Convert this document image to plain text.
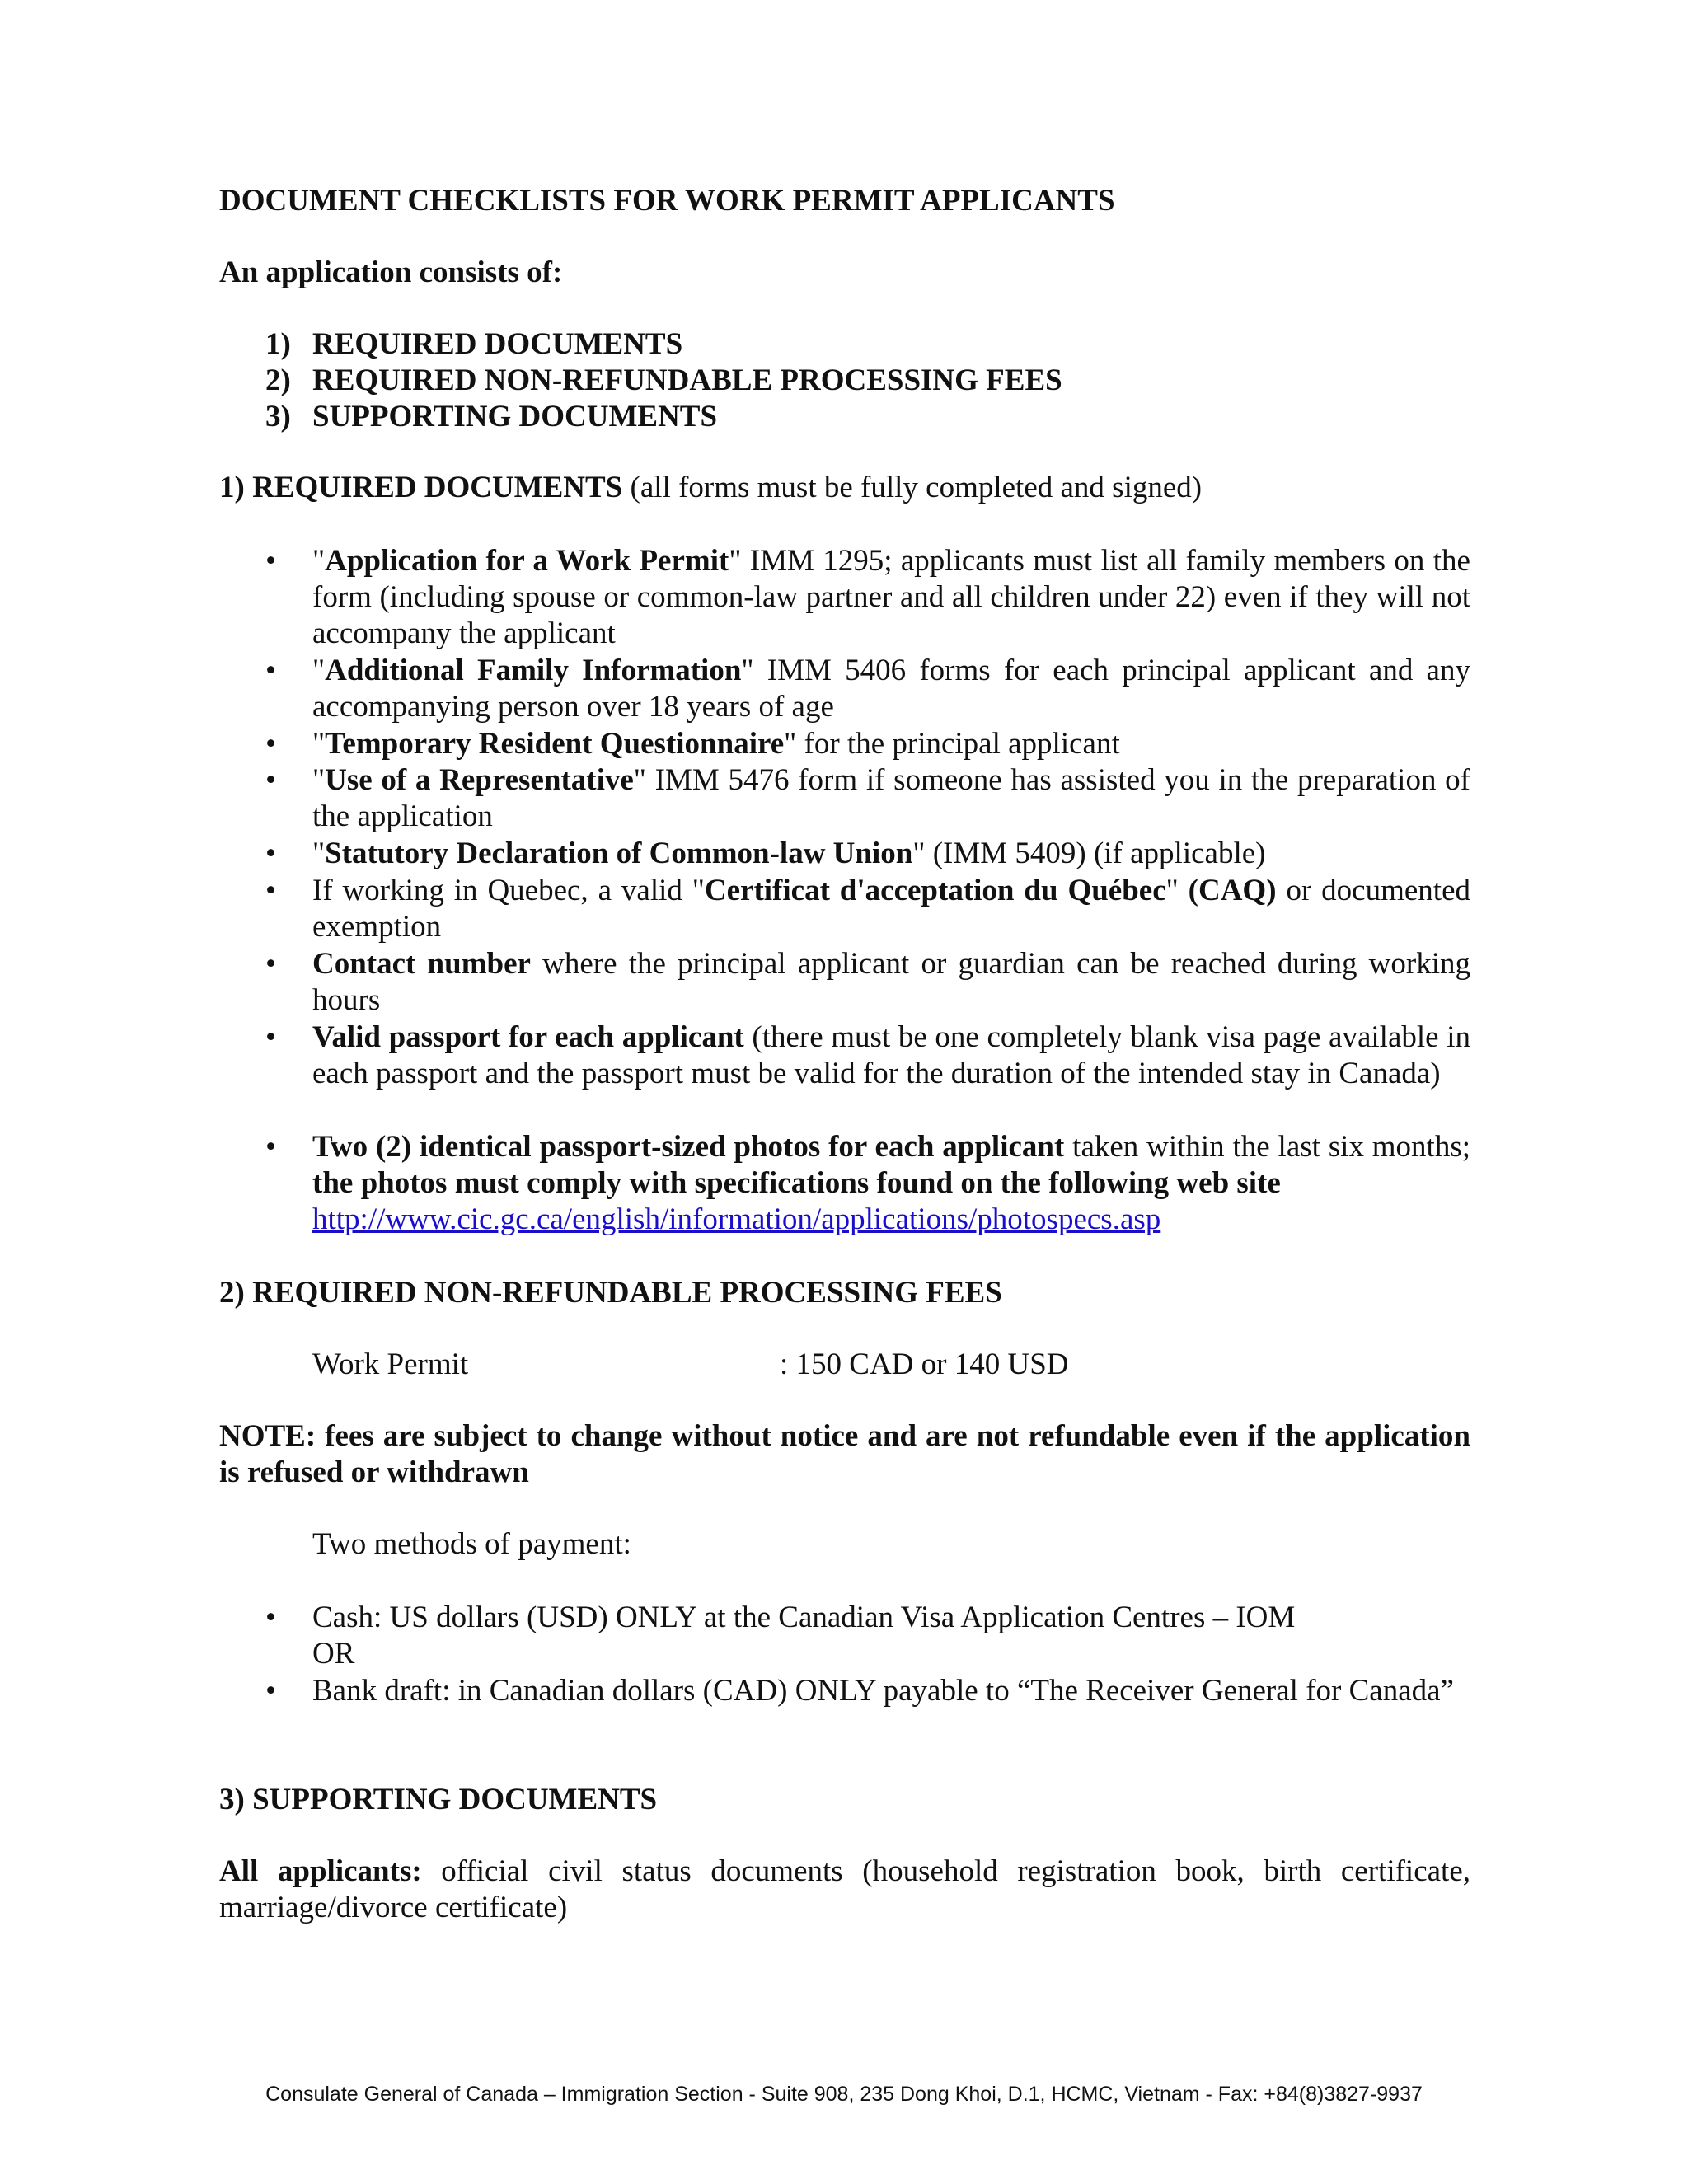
DOCUMENT CHECKLISTS FOR WORK PERMIT APPLICANTS
An application consists of:
1) REQUIRED DOCUMENTS
2) REQUIRED NON-REFUNDABLE PROCESSING FEES
3) SUPPORTING DOCUMENTS
1) REQUIRED DOCUMENTS (all forms must be fully completed and signed)
•	"Application for a Work Permit" IMM 1295; applicants must list all family members on the form (including spouse or common-law partner and all children under 22) even if they will not accompany the applicant
•	"Additional Family Information" IMM 5406 forms for each principal applicant and any accompanying person over 18 years of age
•	"Temporary Resident Questionnaire" for the principal applicant
•	"Use of a Representative" IMM 5476 form if someone has assisted you in the preparation of the application
•	"Statutory Declaration of Common-law Union" (IMM 5409) (if applicable)
•	If working in Quebec, a valid "Certificat d'acceptation du Québec" (CAQ) or documented exemption
•	Contact number where the principal applicant or guardian can be reached during working hours
•	Valid passport for each applicant (there must be one completely blank visa page available in each passport and the passport must be valid for the duration of the intended stay in Canada)
•	Two (2) identical passport-sized photos for each applicant taken within the last six months; the photos must comply with specifications found on the following web site
http://www.cic.gc.ca/english/information/applications/photospecs.asp
2) REQUIRED NON-REFUNDABLE PROCESSING FEES
Work Permit	: 150 CAD or 140 USD
NOTE: fees are subject to change without notice and are not refundable even if the application is refused or withdrawn
Two methods of payment:
•	Cash: US dollars (USD) ONLY at the Canadian Visa Application Centres – IOM
OR
•	Bank draft: in Canadian dollars (CAD) ONLY payable to “The Receiver General for Canada”
3) SUPPORTING DOCUMENTS
All applicants: official civil status documents (household registration book, birth certificate, marriage/divorce certificate)
Consulate General of Canada – Immigration Section - Suite 908, 235 Dong Khoi, D.1, HCMC, Vietnam - Fax: +84(8)3827-9937
